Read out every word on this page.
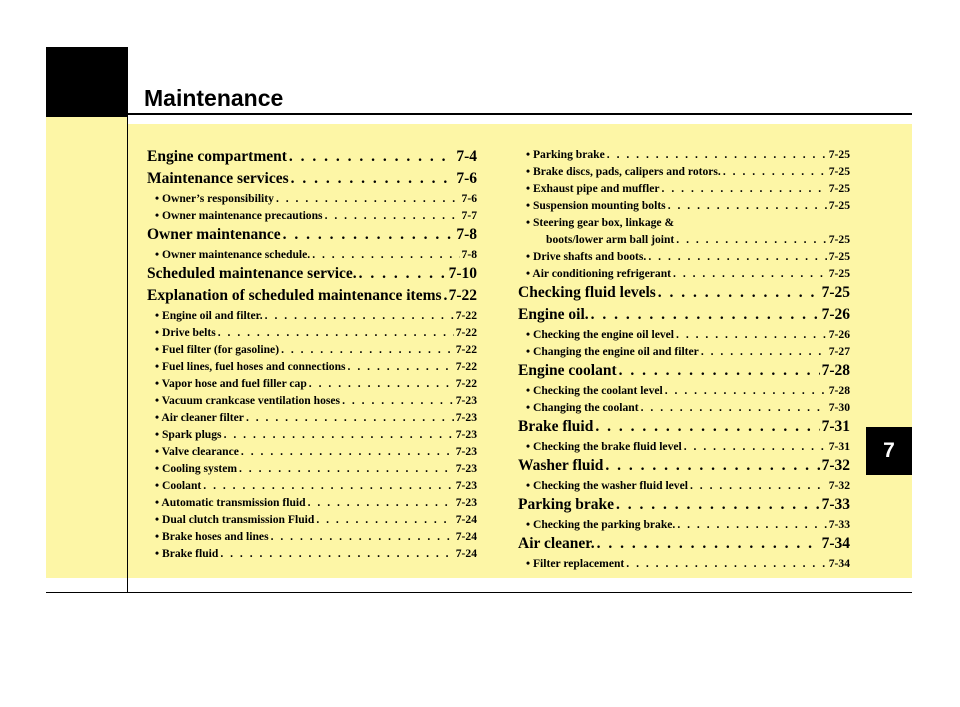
Maintenance
7
Engine compartment . . .	7-4
Maintenance services . . .	7-6
• Owner’s responsibility . . .	7-6
• Owner maintenance precautions . . .	7-7
Owner maintenance . . .	7-8
• Owner maintenance schedule. . . .	7-8
Scheduled maintenance service. . . .	7-10
Explanation of scheduled maintenance items . . . 7-22
• Engine oil and filter. . . .	7-22
• Drive belts . . .	7-22
• Fuel filter (for gasoline) . . .	7-22
• Fuel lines, fuel hoses and connections . . .	7-22
• Vapor hose and fuel filler cap . . .	7-22
• Vacuum crankcase ventilation hoses . . .	7-23
• Air cleaner filter . . .	7-23
• Spark plugs . . .	7-23
• Valve clearance . . .	7-23
• Cooling system . . .	7-23
• Coolant . . .	7-23
• Automatic transmission fluid . . .	7-23
• Dual clutch transmission Fluid . . .	7-24
• Brake hoses and lines . . .	7-24
• Brake fluid . . .	7-24
• Parking brake . . .	7-25
• Brake discs, pads, calipers and rotors. . . .	7-25
• Exhaust pipe and muffler . . .	7-25
• Suspension mounting bolts . . .	7-25
• Steering gear box, linkage &
boots/lower arm ball joint . . .	7-25
• Drive shafts and boots. . . .	7-25
• Air conditioning refrigerant . . .	7-25
Checking fluid levels . . .	7-25
Engine oil. . . .	7-26
• Checking the engine oil level . . .	7-26
• Changing the engine oil and filter . . .	7-27
Engine coolant . . .	7-28
• Checking the coolant level . . .	7-28
• Changing the coolant . . .	7-30
Brake fluid . . .	7-31
• Checking the brake fluid level . . .	7-31
Washer fluid . . .	7-32
• Checking the washer fluid level . . .	7-32
Parking brake . . .	7-33
• Checking the parking brake. . . .	7-33
Air cleaner. . . .	7-34
• Filter replacement . . .	7-34
